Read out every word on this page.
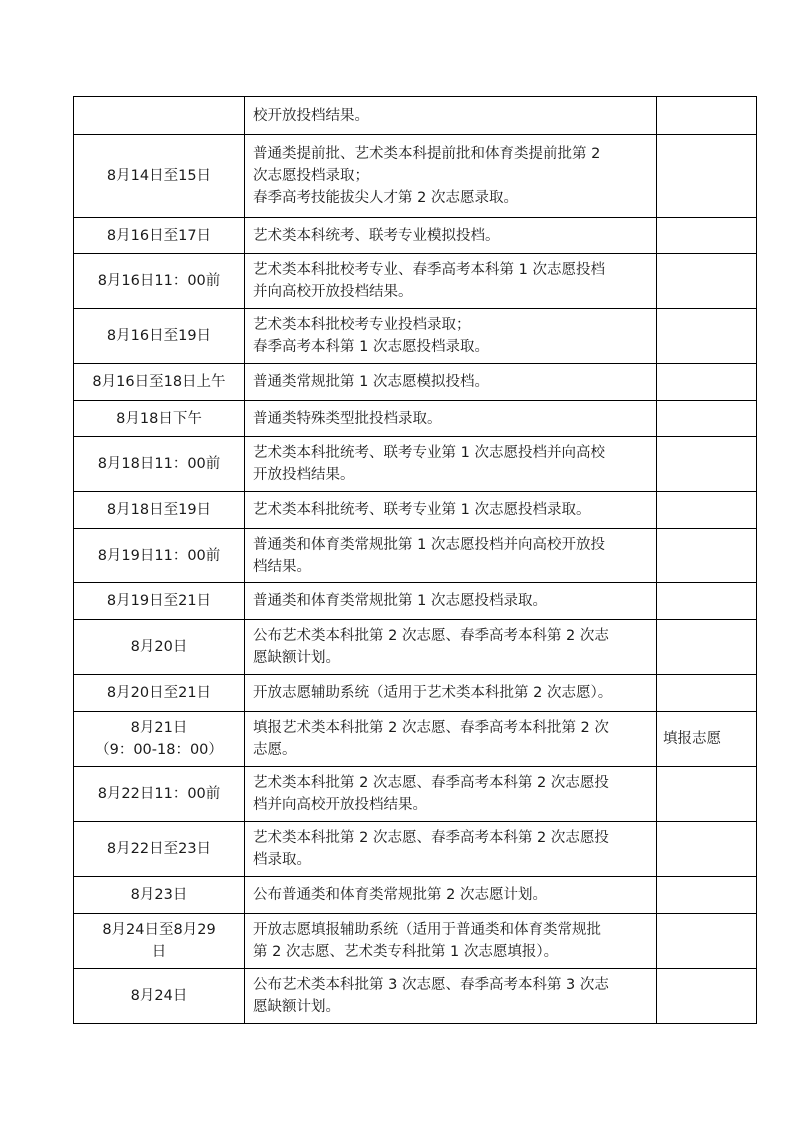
	校开放投档结果。	

8月14日至15日	普通类提前批、艺术类本科提前批和体育类提前批第 2
次志愿投档录取；
春季高考技能拔尖人才第 2 次志愿录取。	

8月16日至17日	艺术类本科统考、联考专业模拟投档。	

8月16日11：00前	艺术类本科批校考专业、春季高考本科第 1 次志愿投档
并向高校开放投档结果。	

8月16日至19日	艺术类本科批校考专业投档录取；
春季高考本科第 1 次志愿投档录取。	

8月16日至18日上午	普通类常规批第 1 次志愿模拟投档。	

8月18日下午	普通类特殊类型批投档录取。	

8月18日11：00前	艺术类本科批统考、联考专业第 1 次志愿投档并向高校
开放投档结果。	

8月18日至19日	艺术类本科批统考、联考专业第 1 次志愿投档录取。	

8月19日11：00前	普通类和体育类常规批第 1 次志愿投档并向高校开放投
档结果。	

8月19日至21日	普通类和体育类常规批第 1 次志愿投档录取。	

8月20日	公布艺术类本科批第 2 次志愿、春季高考本科第 2 次志
愿缺额计划。	

8月20日至21日	开放志愿辅助系统（适用于艺术类本科批第 2 次志愿）。	

8月21日
（9：00-18：00）	填报艺术类本科批第 2 次志愿、春季高考本科批第 2 次
志愿。	填报志愿

8月22日11：00前	艺术类本科批第 2 次志愿、春季高考本科第 2 次志愿投
档并向高校开放投档结果。	

8月22日至23日	艺术类本科批第 2 次志愿、春季高考本科第 2 次志愿投
档录取。	

8月23日	公布普通类和体育类常规批第 2 次志愿计划。	

8月24日至8月29
日	开放志愿填报辅助系统（适用于普通类和体育类常规批
第 2 次志愿、艺术类专科批第 1 次志愿填报）。	

8月24日	公布艺术类本科批第 3 次志愿、春季高考本科第 3 次志
愿缺额计划。	
